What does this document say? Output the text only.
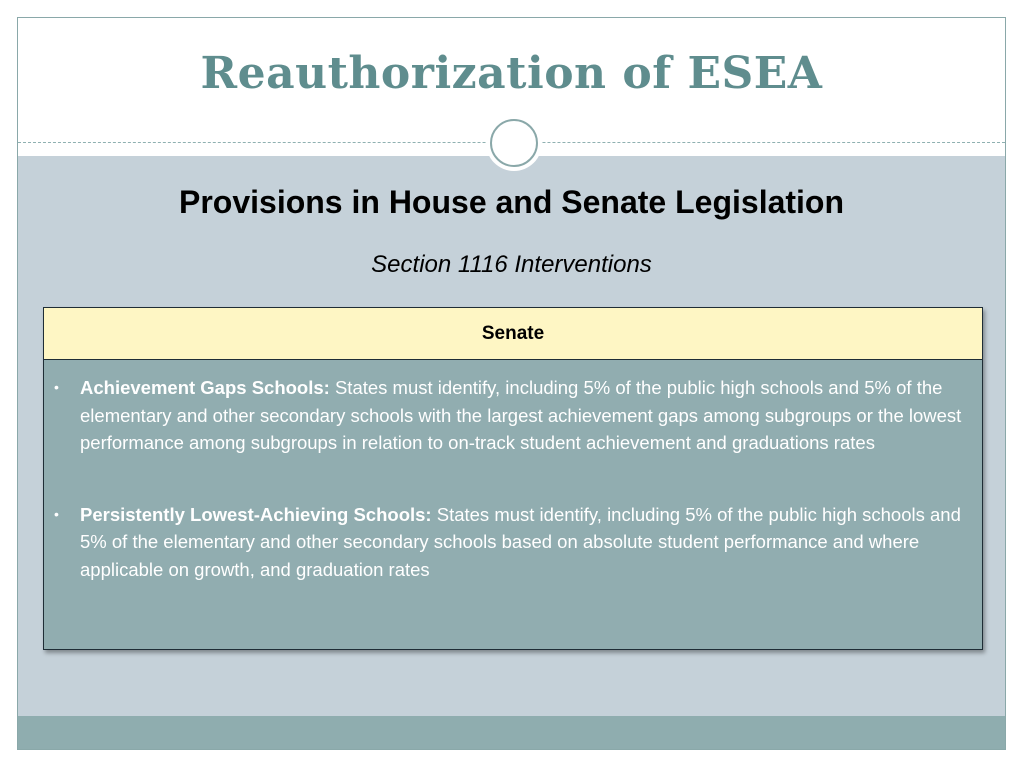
Reauthorization of ESEA
Provisions in House and Senate Legislation
Section 1116 Interventions
Senate
• Achievement Gaps Schools: States must identify, including 5% of the public high schools and 5% of the elementary and other secondary schools with the largest achievement gaps among subgroups or the lowest performance among subgroups in relation to on-track student achievement and graduations rates
• Persistently Lowest-Achieving Schools: States must identify, including 5% of the public high schools and 5% of the elementary and other secondary schools based on absolute student performance and where applicable on growth, and graduation rates
